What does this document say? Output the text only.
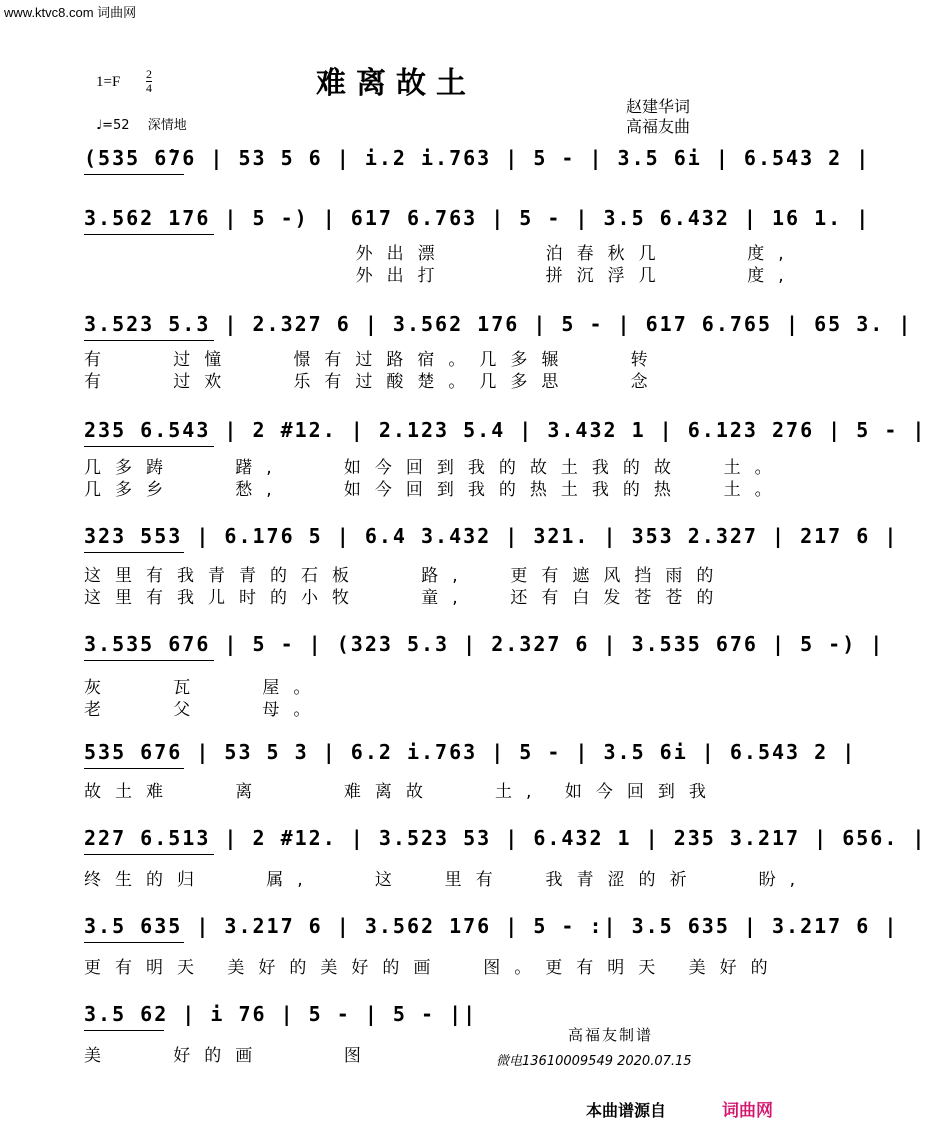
www.ktvc8.com 词曲网
难离故土
1=F 2
4
♩=52 深情地
赵建华词
高福友曲
(535 6̇76 | 53 5 6 | i.2 i.763 | 5 - | 3.5 6i | 6.543 2 |
3.562 176 | 5 -) | 617 6.763 | 5 - | 3.5 6.432 | 16 1. |
外出漂     泊春秋几    度,
外出打     拼沉浮几    度,
3.523 5.3 | 2.327 6 | 3.562 176 | 5 - | 617 6.765 | 65 3. |
有   过憧   憬有过路宿。几多辗   转
有   过欢   乐有过酸楚。几多思   念
235 6.543 | 2 #12. | 2.123 5.4 | 3.432 1 | 6.123 276 | 5 - |
几多踌   躇,   如今回到我的故土我的故  土。
几多乡   愁,   如今回到我的热土我的热  土。
323 553 | 6.176 5 | 6.4 3.432 | 321. | 353 2.327 | 217 6 |
这里有我青青的石板   路,  更有遮风挡雨的
这里有我儿时的小牧   童,  还有白发苍苍的
3.535 676 | 5 - | (323 5.3 | 2.327 6 | 3.535 676 | 5 -) |
灰   瓦   屋。
老   父   母。
535 676 | 53 5 3 | 6.2 i.763 | 5 - | 3.5 6i | 6.543 2 |
故土难   离    难离故   土, 如今回到我
227 6.513 | 2 #12. | 3.523 53 | 6.432 1 | 235 3.217 | 656. |
终生的归   属,   这  里有  我青涩的祈   盼,
3.5 635 | 3.217 6 | 3.562 176 | 5 - :| 3.5 635 | 3.217 6 |
更有明天 美好的美好的画  图。更有明天 美好的
3.5 62 | i 76 | 5 - | 5 - ||
美   好的画    图
高福友制谱
微电13610009549 2020.07.15
本曲谱源自	词曲网
